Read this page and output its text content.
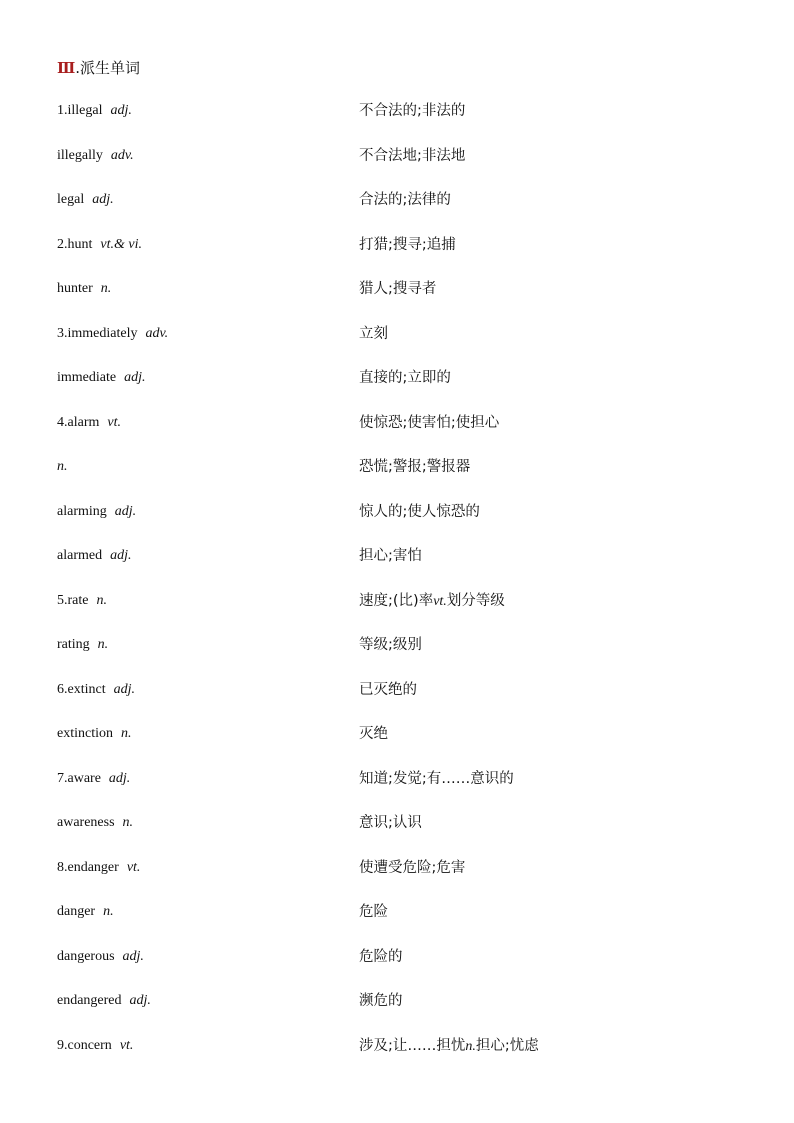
Ⅲ.派生单词
1.illegal adj.	不合法的;非法的
illegally adv.	不合法地;非法地
legal adj.	合法的;法律的
2.hunt vt.& vi.	打猎;搜寻;追捕
hunter n.	猎人;搜寻者
3.immediately adv.	立刻
immediate adj.	直接的;立即的
4.alarm vt.	使惊恐;使害怕;使担心
n.	恐慌;警报;警报器
alarming adj.	惊人的;使人惊恐的
alarmed adj.	担心;害怕
5.rate n.	速度;(比)率vt.划分等级
rating n.	等级;级别
6.extinct adj.	已灭绝的
extinction n.	灭绝
7.aware adj.	知道;发觉;有……意识的
awareness n.	意识;认识
8.endanger vt.	使遭受危险;危害
danger n.	危险
dangerous adj.	危险的
endangered adj.	濒危的
9.concern vt.	涉及;让……担忧n.担心;忧虑
